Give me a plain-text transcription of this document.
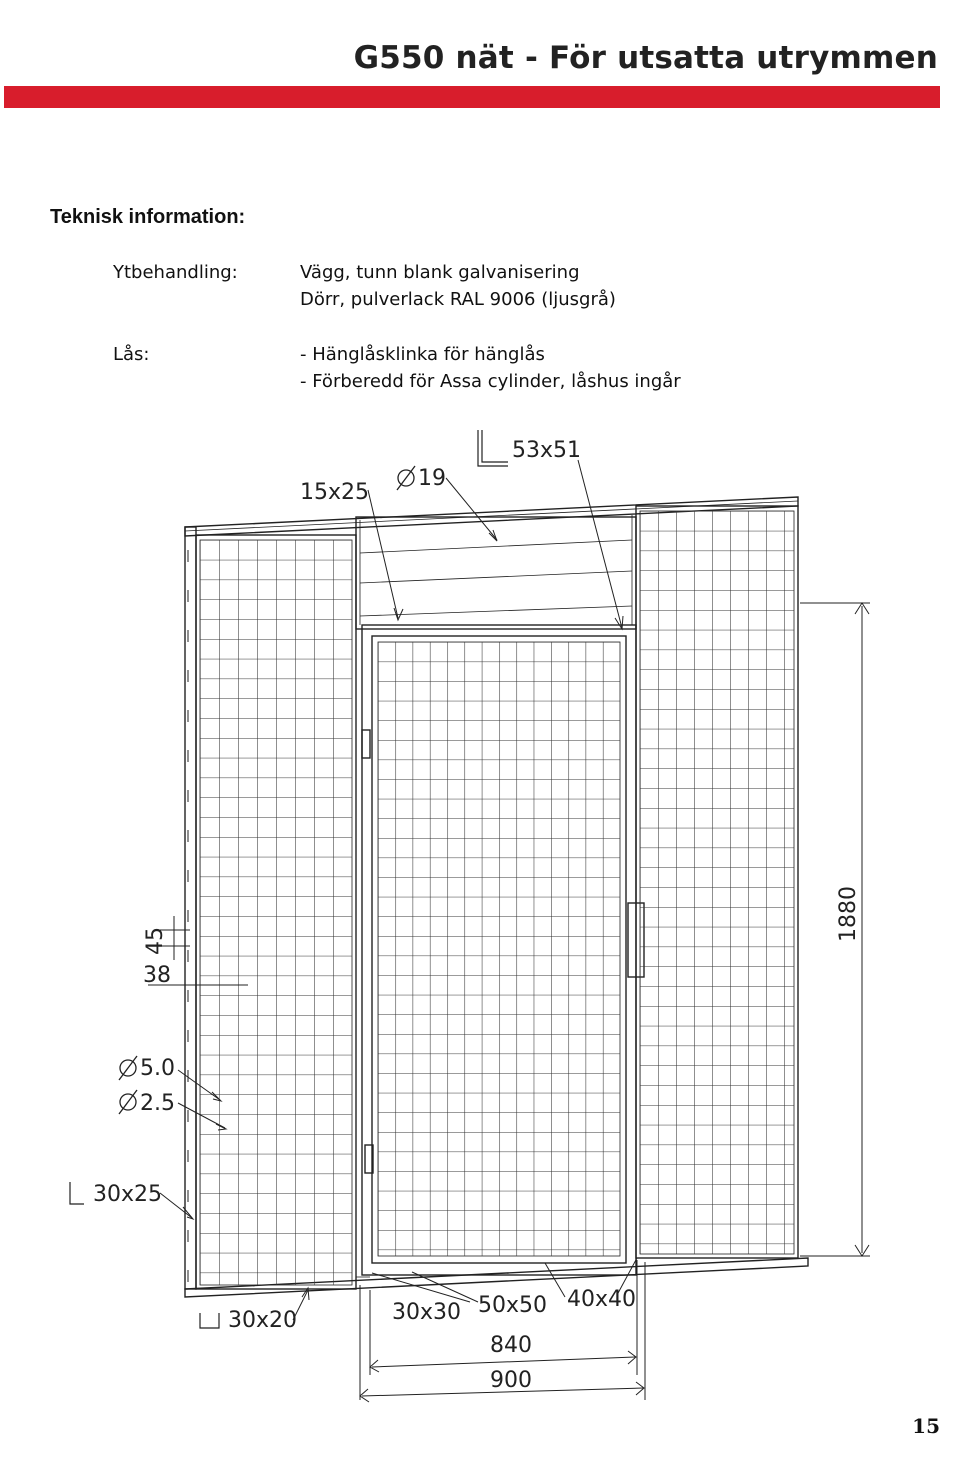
G550 nät - För utsatta utrymmen
Teknisk information:
Ytbehandling:	Vägg, tunn blank galvanisering
Dörr, pulverlack RAL 9006 (ljusgrå)
Lås:	- Hänglåsklinka för hänglås
- Förberedd för Assa cylinder, låshus ingår
15x25
19
53x51
45
38
5.0
2.5
30x25
30x20	30x30 50x50 40x40
840
900
1880
15
